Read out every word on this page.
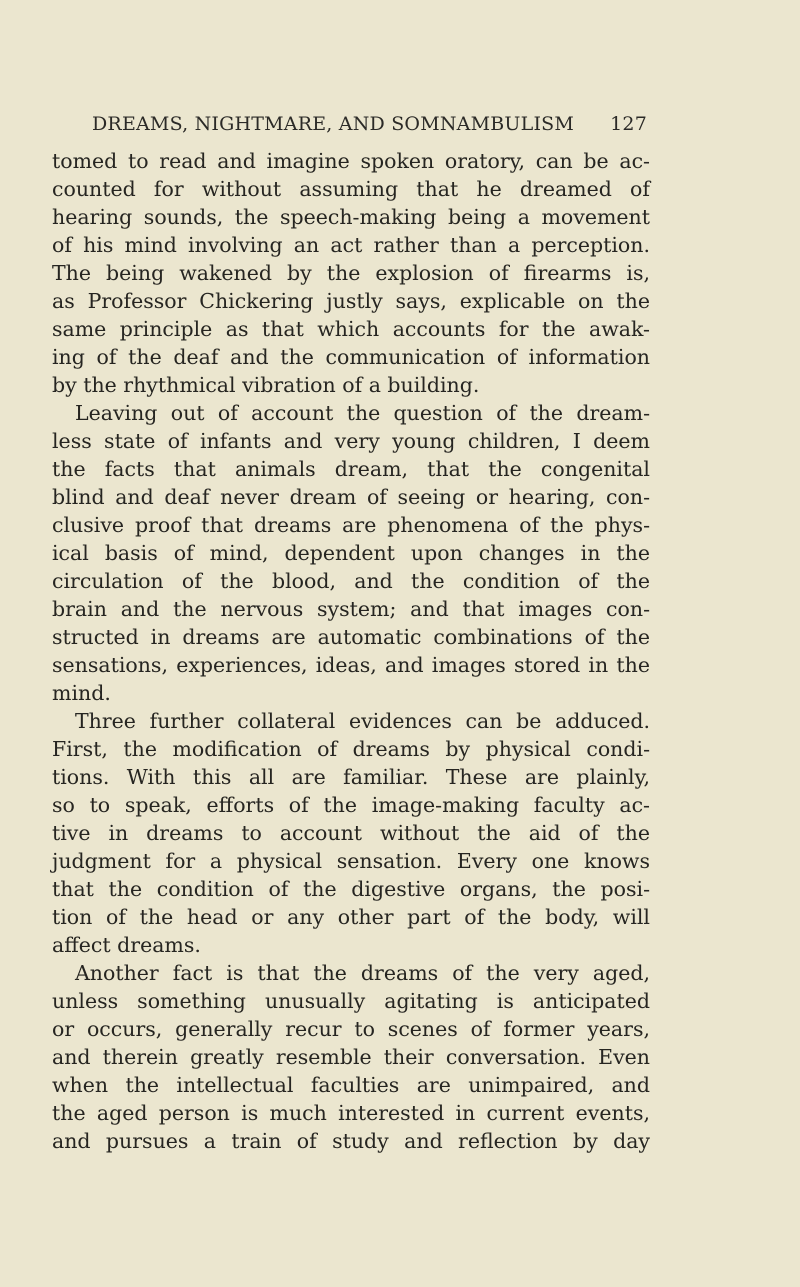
DREAMS, NIGHTMARE, AND SOMNAMBULISM 127
tomed to read and imagine spoken oratory, can be ac-
counted for without assuming that he dreamed of
hearing sounds, the speech-making being a movement
of his mind involving an act rather than a perception.
The being wakened by the explosion of firearms is,
as Professor Chickering justly says, explicable on the
same principle as that which accounts for the awak-
ing of the deaf and the communication of information
by the rhythmical vibration of a building.
Leaving out of account the question of the dream-
less state of infants and very young children, I deem
the facts that animals dream, that the congenital
blind and deaf never dream of seeing or hearing, con-
clusive proof that dreams are phenomena of the phys-
ical basis of mind, dependent upon changes in the
circulation of the blood, and the condition of the
brain and the nervous system; and that images con-
structed in dreams are automatic combinations of the
sensations, experiences, ideas, and images stored in the
mind.
Three further collateral evidences can be adduced.
First, the modification of dreams by physical condi-
tions. With this all are familiar. These are plainly,
so to speak, efforts of the image-making faculty ac-
tive in dreams to account without the aid of the
judgment for a physical sensation. Every one knows
that the condition of the digestive organs, the posi-
tion of the head or any other part of the body, will
affect dreams.
Another fact is that the dreams of the very aged,
unless something unusually agitating is anticipated
or occurs, generally recur to scenes of former years,
and therein greatly resemble their conversation. Even
when the intellectual faculties are unimpaired, and
the aged person is much interested in current events,
and pursues a train of study and reflection by day
